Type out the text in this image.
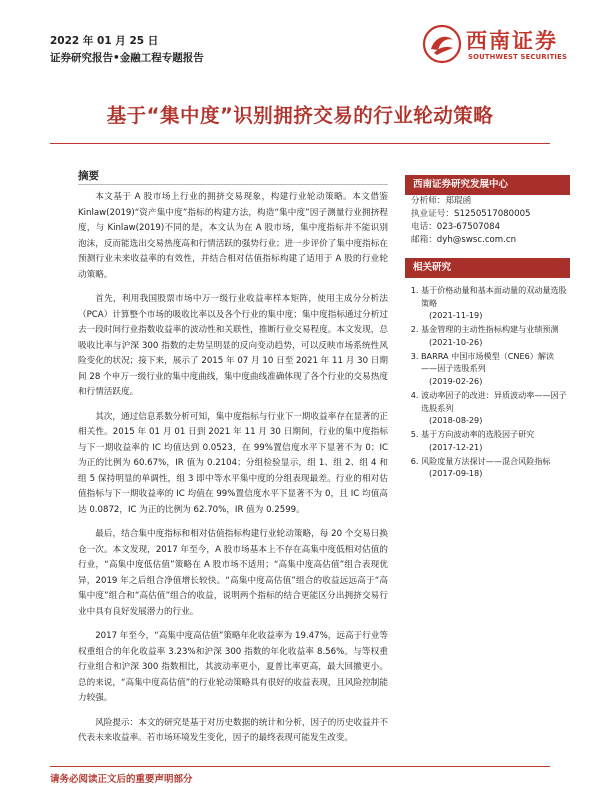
2022 年 01 月 25 日
证券研究报告•金融工程专题报告
西南证券
SOUTHWEST SECURITIES
基于“集中度”识别拥挤交易的行业轮动策略
摘要

本文基于 A 股市场上行业的拥挤交易现象，构建行业轮动策略。本文借鉴 Kinlaw(2019)“资产集中度”指标的构建方法，构造“集中度”因子测量行业拥挤程度，与 Kinlaw(2019)不同的是，本文认为在 A 股市场，集中度指标并不能识别泡沫，反而能选出交易热度高和行情活跃的强势行业；进一步评价了集中度指标在预测行业未来收益率的有效性，并结合相对估值指标构建了适用于 A 股的行业轮动策略。

首先，利用我国股票市场中万一级行业收益率样本矩阵，使用主成分分析法（PCA）计算整个市场的吸收比率以及各个行业的集中度；集中度指标通过分析过去一段时间行业指数收益率的波动性和关联性，推断行业交易程度。本文发现，总吸收比率与沪深 300 指数的走势呈明显的反向变动趋势，可以反映市场系统性风险变化的状况；接下来，展示了 2015 年 07 月 10 日至 2021 年 11 月 30 日期间 28 个申万一级行业的集中度曲线，集中度曲线准确体现了各个行业的交易热度和行情活跃度。

其次，通过信息系数分析可知，集中度指标与行业下一期收益率存在显著的正相关性。2015 年 01 月 01 日到 2021 年 11 月 30 日期间，行业的集中度指标与下一期收益率的 IC 均值达到 0.0523，在 99%置信度水平下显著不为 0；IC 为正的比例为 60.67%，IR 值为 0.2104；分组检验显示，组 1、组 2、组 4 和组 5 保持明显的单调性，组 3 即中等水平集中度的分组表现最差。行业的相对估值指标与下一期收益率的 IC 均值在 99%置信度水平下显著不为 0，且 IC 均值高达 0.0872，IC 为正的比例为 62.70%，IR 值为 0.2599。

最后，结合集中度指标和相对估值指标构建行业轮动策略，每 20 个交易日换仓一次。本文发现，2017 年至今，A 股市场基本上不存在高集中度低相对估值的行业，“高集中度低估值”策略在 A 股市场不适用；“高集中度高估值”组合表现优异，2019 年之后组合净值增长较快。“高集中度高估值”组合的收益远远高于“高集中度”组合和“高估值”组合的收益，说明两个指标的结合更能区分出拥挤交易行业中具有良好发展潜力的行业。

2017 年至今，“高集中度高估值”策略年化收益率为 19.47%，远高于行业等权重组合的年化收益率 3.23%和沪深 300 指数的年化收益率 8.56%。与等权重行业组合和沪深 300 指数相比，其波动率更小，夏普比率更高，最大回撤更小。总的来说，“高集中度高估值”的行业轮动策略具有很好的收益表现，且风险控制能力较强。

风险提示：本文的研究是基于对历史数据的统计和分析，因子的历史收益并不代表未来收益率。若市场环境发生变化，因子的最终表现可能发生改变。

西南证券研究发展中心
分析师：郑琨函
执业证号：S1250517080005
电话：023-67507084
邮箱：dyh@swsc.com.cn
相关研究
1. 基于价格动量和基本面动量的双动量选股策略
(2021-11-19)
2. 基金管理的主动性指标构建与业绩预测
(2021-10-26)
3. BARRA 中国市场模型（CNE6）解读——因子选股系列
(2019-02-26)
4. 波动率因子的改进：异质波动率——因子选股系列
(2018-08-29)
5. 基于方向波动率的选股因子研究
(2017-12-21)
6. 风险度量方法探讨——混合风险指标
(2017-09-18)
请务必阅读正文后的重要声明部分
